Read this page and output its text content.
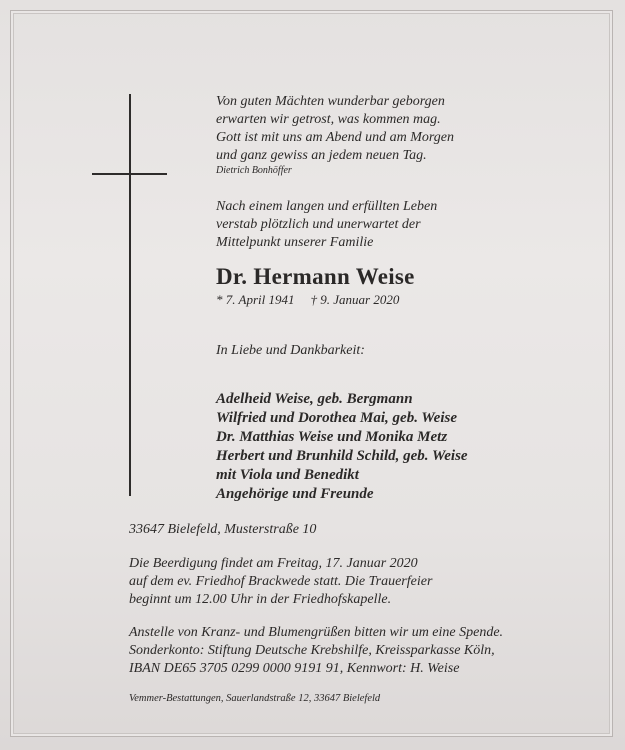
Von guten Mächten wunderbar geborgen
erwarten wir getrost, was kommen mag.
Gott ist mit uns am Abend und am Morgen
und ganz gewiss an jedem neuen Tag.
Dietrich Bonhöffer
Nach einem langen und erfüllten Leben
verstab plötzlich und unerwartet der
Mittelpunkt unserer Familie
Dr. Hermann Weise
* 7. April 1941 † 9. Januar 2020
In Liebe und Dankbarkeit:
Adelheid Weise, geb. Bergmann
Wilfried und Dorothea Mai, geb. Weise
Dr. Matthias Weise und Monika Metz
Herbert und Brunhild Schild, geb. Weise
mit Viola und Benedikt
Angehörige und Freunde
33647 Bielefeld, Musterstraße 10
Die Beerdigung findet am Freitag, 17. Januar 2020
auf dem ev. Friedhof Brackwede statt. Die Trauerfeier
beginnt um 12.00 Uhr in der Friedhofskapelle.
Anstelle von Kranz- und Blumengrüßen bitten wir um eine Spende.
Sonderkonto: Stiftung Deutsche Krebshilfe, Kreissparkasse Köln,
IBAN DE65 3705 0299 0000 9191 91, Kennwort: H. Weise
Vemmer-Bestattungen, Sauerlandstraße 12, 33647 Bielefeld
